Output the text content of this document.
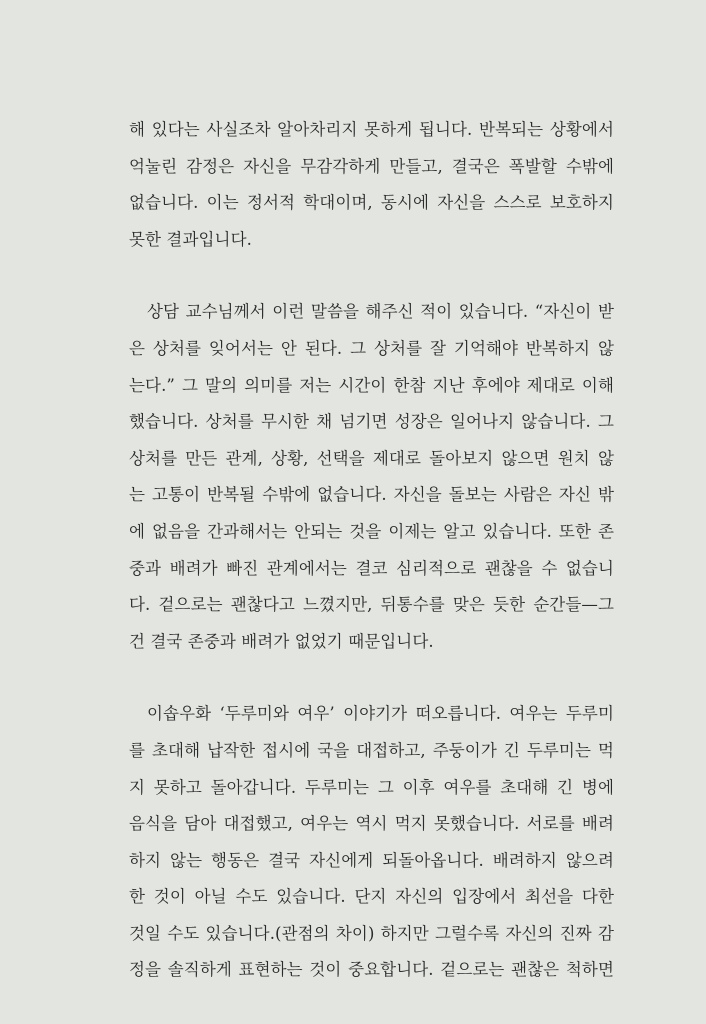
해 있다는 사실조차 알아차리지 못하게 됩니다. 반복되는 상황에서
억눌린 감정은 자신을 무감각하게 만들고, 결국은 폭발할 수밖에
없습니다. 이는 정서적 학대이며, 동시에 자신을 스스로 보호하지
못한 결과입니다.
상담 교수님께서 이런 말씀을 해주신 적이 있습니다. “자신이 받
은 상처를 잊어서는 안 된다. 그 상처를 잘 기억해야 반복하지 않
는다.” 그 말의 의미를 저는 시간이 한참 지난 후에야 제대로 이해
했습니다. 상처를 무시한 채 넘기면 성장은 일어나지 않습니다. 그
상처를 만든 관계, 상황, 선택을 제대로 돌아보지 않으면 원치 않
는 고통이 반복될 수밖에 없습니다. 자신을 돌보는 사람은 자신 밖
에 없음을 간과해서는 안되는 것을 이제는 알고 있습니다. 또한 존
중과 배려가 빠진 관계에서는 결코 심리적으로 괜찮을 수 없습니
다. 겉으로는 괜찮다고 느꼈지만, 뒤통수를 맞은 듯한 순간들—그
건 결국 존중과 배려가 없었기 때문입니다.
이솝우화 ‘두루미와 여우’ 이야기가 떠오릅니다. 여우는 두루미
를 초대해 납작한 접시에 국을 대접하고, 주둥이가 긴 두루미는 먹
지 못하고 돌아갑니다. 두루미는 그 이후 여우를 초대해 긴 병에
음식을 담아 대접했고, 여우는 역시 먹지 못했습니다. 서로를 배려
하지 않는 행동은 결국 자신에게 되돌아옵니다. 배려하지 않으려
한 것이 아닐 수도 있습니다. 단지 자신의 입장에서 최선을 다한
것일 수도 있습니다.(관점의 차이) 하지만 그럴수록 자신의 진짜 감
정을 솔직하게 표현하는 것이 중요합니다. 겉으로는 괜찮은 척하면
